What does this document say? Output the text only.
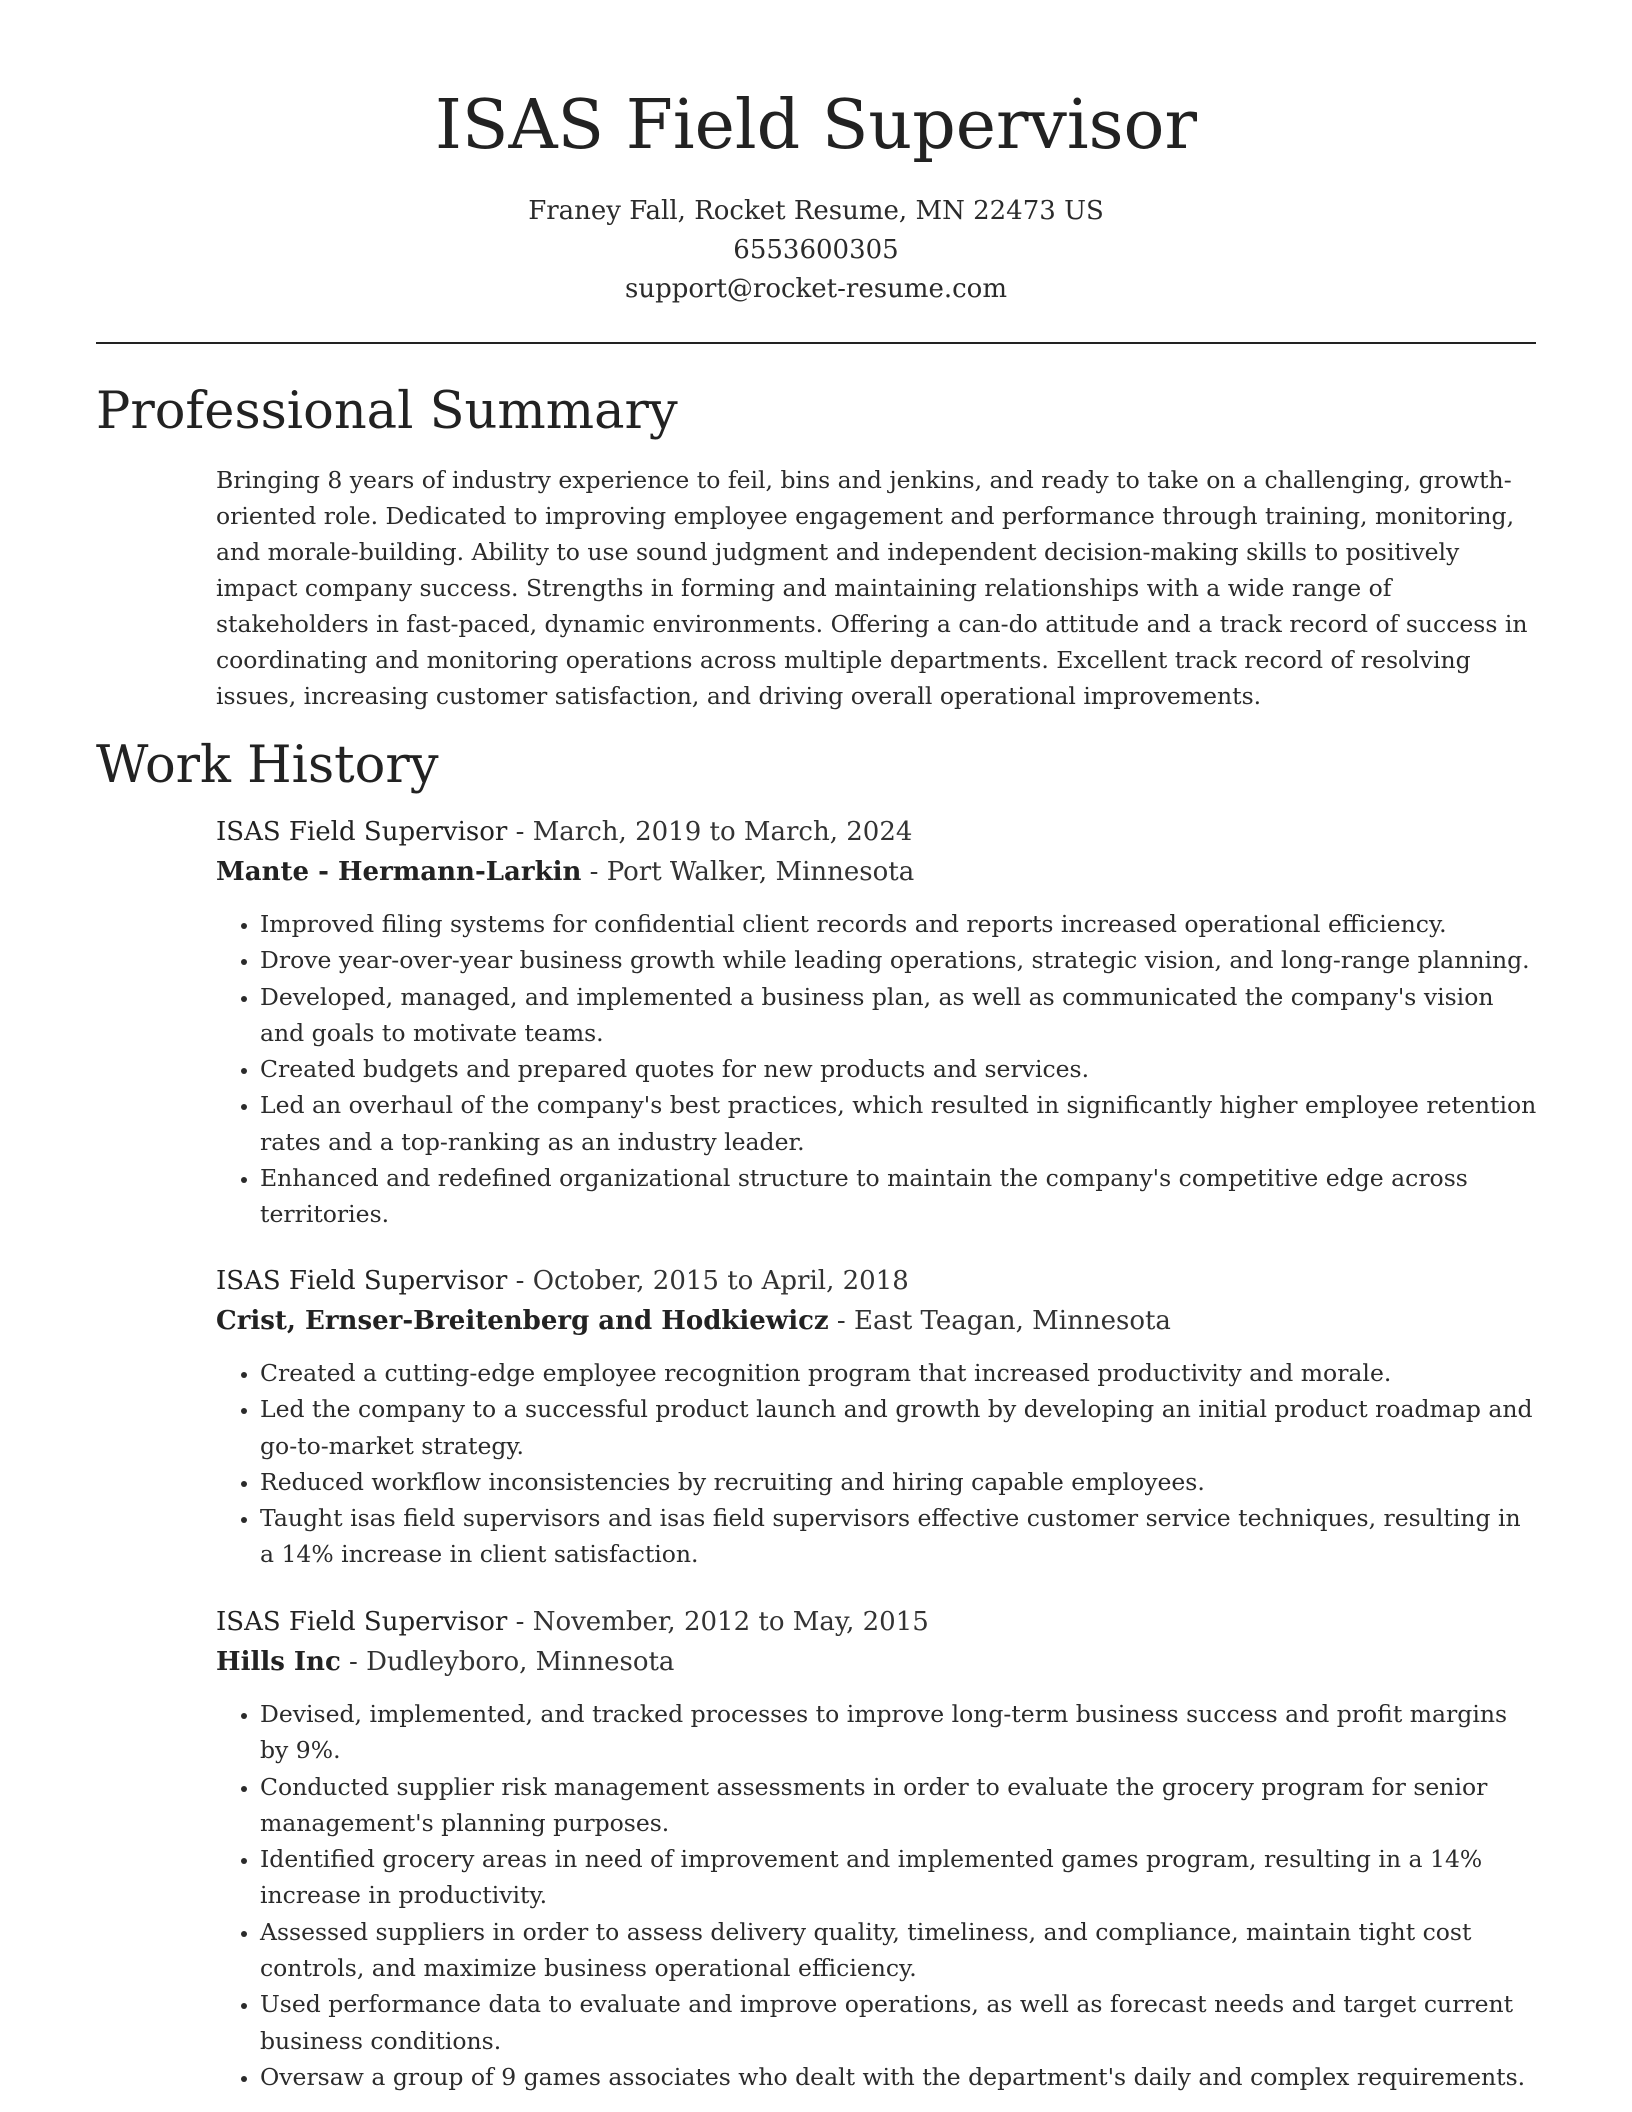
ISAS Field Supervisor
Franey Fall, Rocket Resume, MN 22473 US
6553600305
support@rocket-resume.com
Professional Summary

Bringing 8 years of industry experience to feil, bins and jenkins, and ready to take on a challenging, growth-oriented role. Dedicated to improving employee engagement and performance through training, monitoring, and morale-building. Ability to use sound judgment and independent decision-making skills to positively impact company success. Strengths in forming and maintaining relationships with a wide range of stakeholders in fast-paced, dynamic environments. Offering a can-do attitude and a track record of success in coordinating and monitoring operations across multiple departments. Excellent track record of resolving issues, increasing customer satisfaction, and driving overall operational improvements.

Work History
ISAS Field Supervisor - March, 2019 to March, 2024
Mante - Hermann-Larkin - Port Walker, Minnesota
• Improved filing systems for confidential client records and reports increased operational efficiency.
• Drove year-over-year business growth while leading operations, strategic vision, and long-range planning.
• Developed, managed, and implemented a business plan, as well as communicated the company's vision and goals to motivate teams.
• Created budgets and prepared quotes for new products and services.
• Led an overhaul of the company's best practices, which resulted in significantly higher employee retention rates and a top-ranking as an industry leader.
• Enhanced and redefined organizational structure to maintain the company's competitive edge across territories.
ISAS Field Supervisor - October, 2015 to April, 2018
Crist, Ernser-Breitenberg and Hodkiewicz - East Teagan, Minnesota
• Created a cutting-edge employee recognition program that increased productivity and morale.
• Led the company to a successful product launch and growth by developing an initial product roadmap and go-to-market strategy.
• Reduced workflow inconsistencies by recruiting and hiring capable employees.
• Taught isas field supervisors and isas field supervisors effective customer service techniques, resulting in a 14% increase in client satisfaction.
ISAS Field Supervisor - November, 2012 to May, 2015
Hills Inc - Dudleyboro, Minnesota
• Devised, implemented, and tracked processes to improve long-term business success and profit margins by 9%.
• Conducted supplier risk management assessments in order to evaluate the grocery program for senior management's planning purposes.
• Identified grocery areas in need of improvement and implemented games program, resulting in a 14% increase in productivity.
• Assessed suppliers in order to assess delivery quality, timeliness, and compliance, maintain tight cost controls, and maximize business operational efficiency.
• Used performance data to evaluate and improve operations, as well as forecast needs and target current business conditions.
• Oversaw a group of 9 games associates who dealt with the department's daily and complex requirements.
